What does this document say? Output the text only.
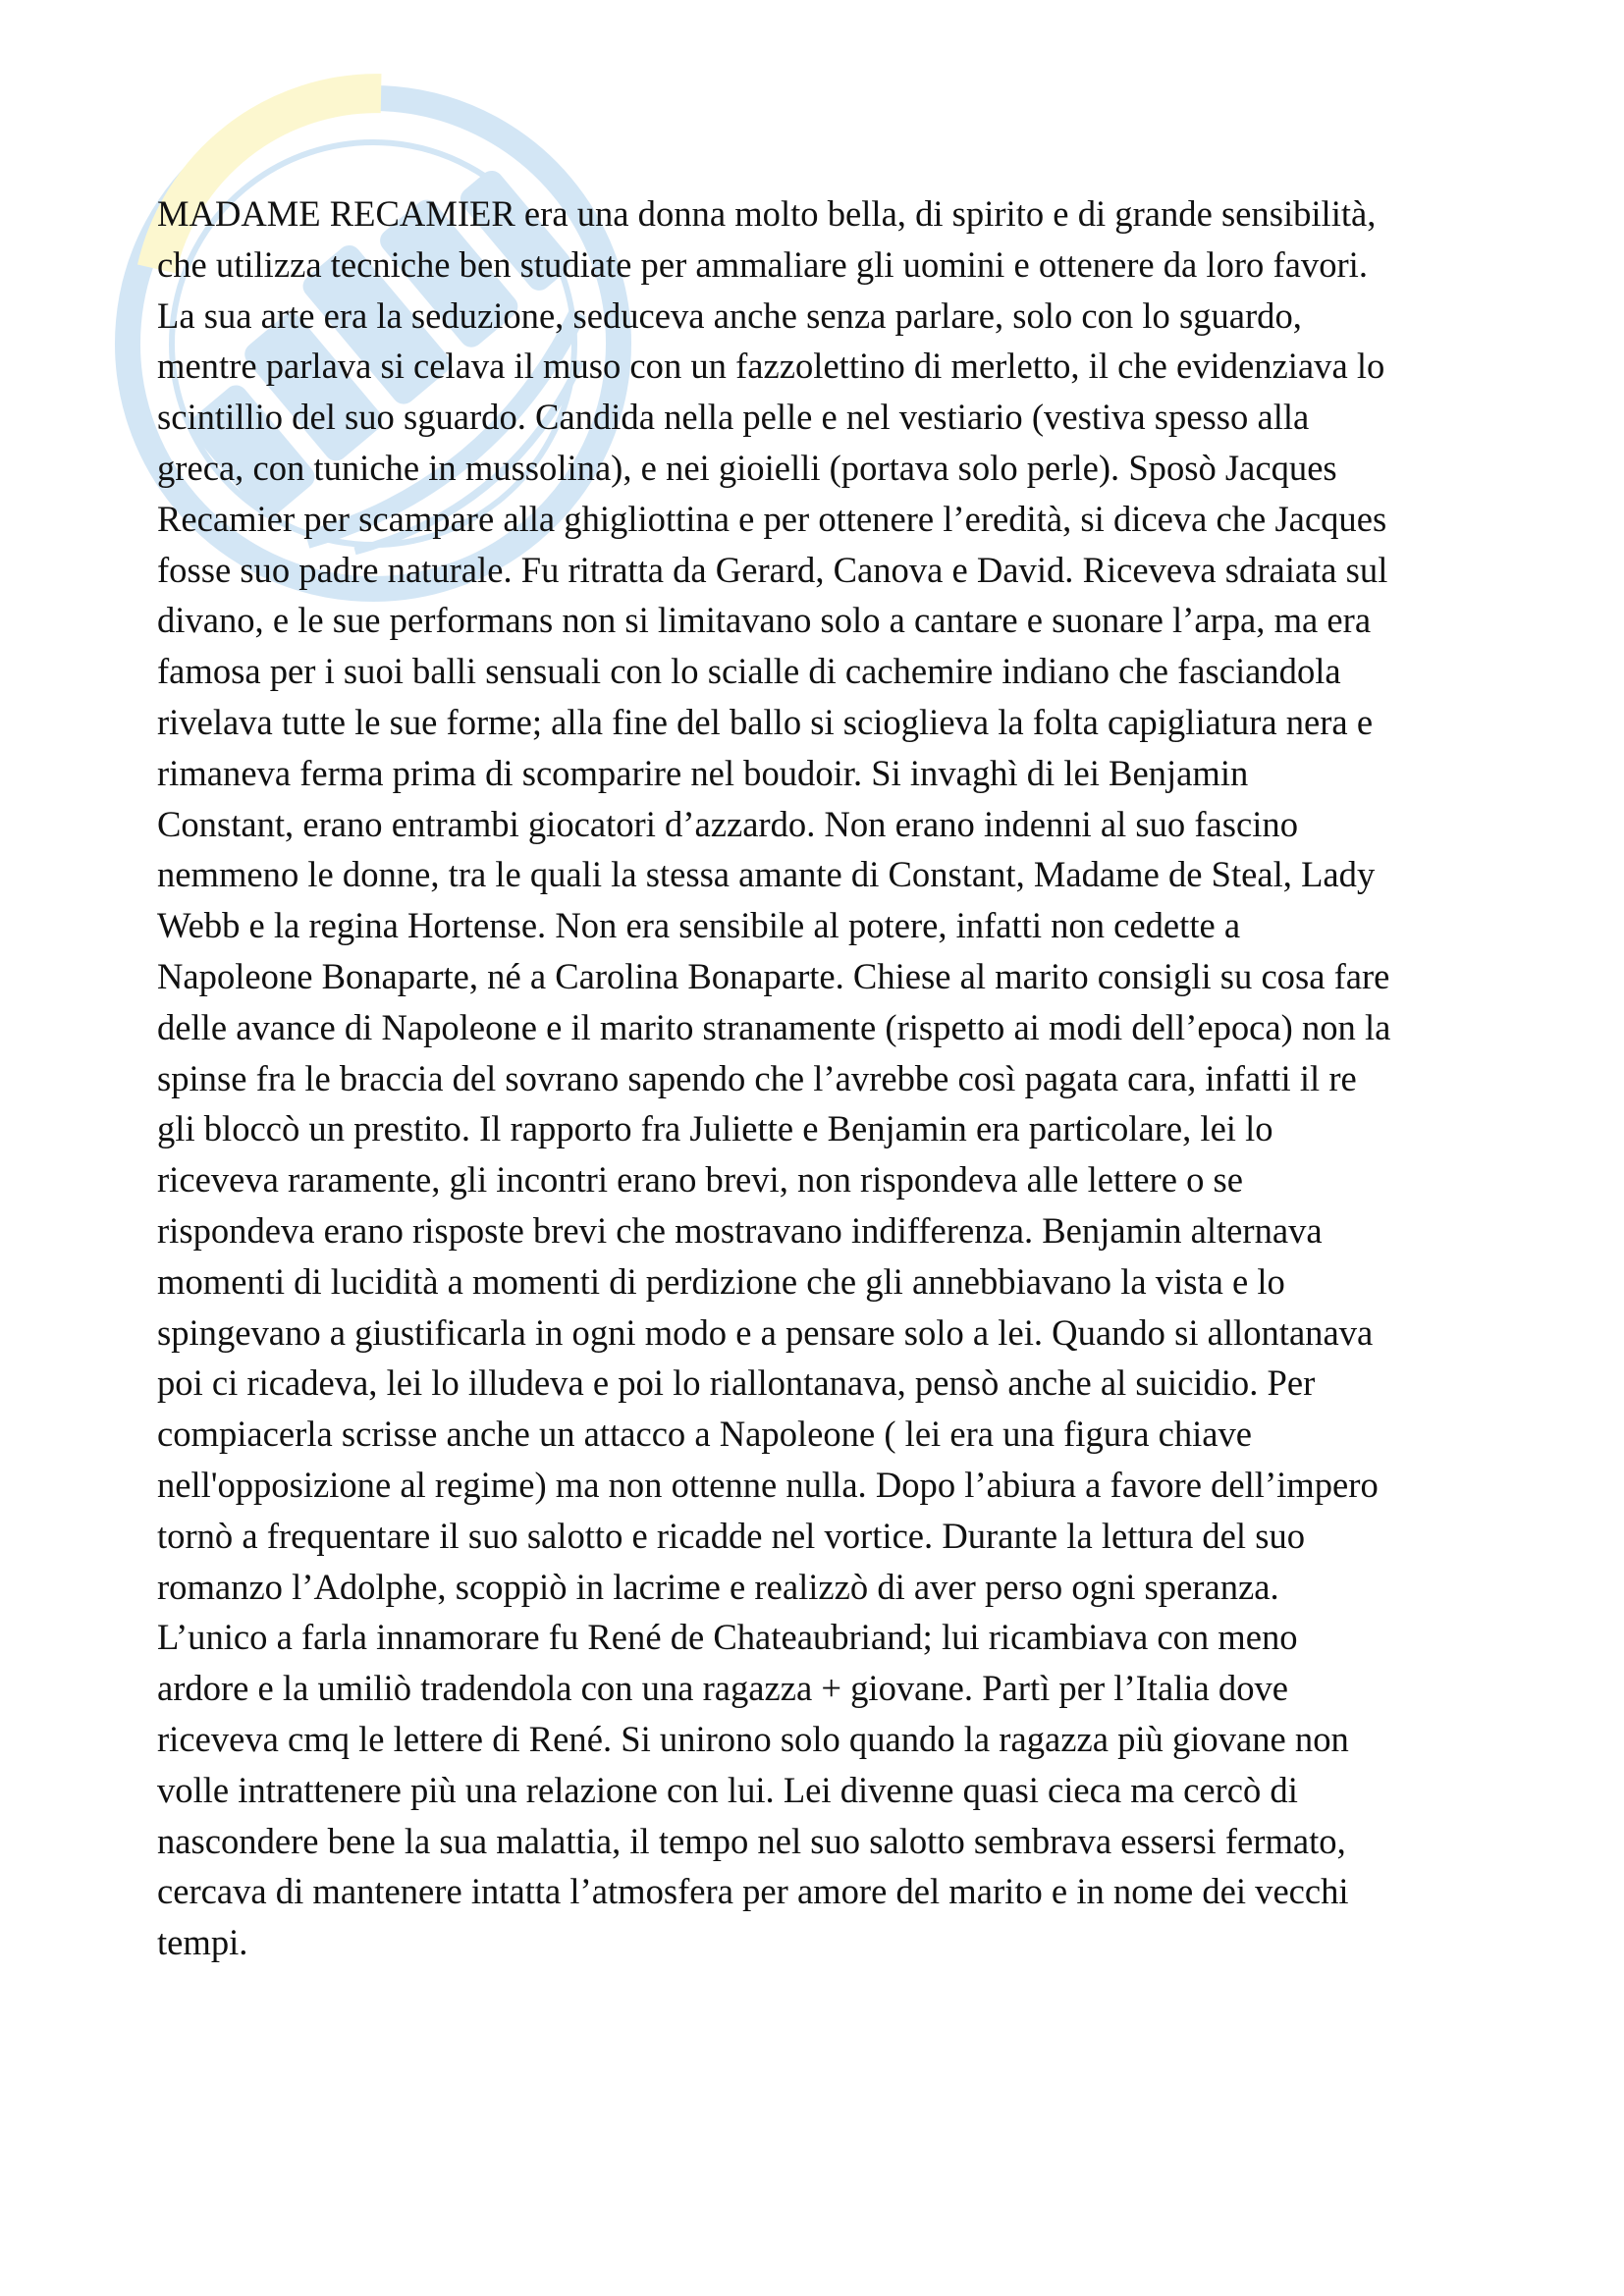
MADAME RECAMIER era una donna molto bella, di spirito e di grande sensibilità,
che utilizza tecniche ben studiate per ammaliare gli uomini e ottenere da loro favori.
La sua arte era la seduzione, seduceva anche senza parlare, solo con lo sguardo,
mentre parlava si celava il muso con un fazzolettino di merletto, il che evidenziava lo
scintillio del suo sguardo. Candida nella pelle e nel vestiario (vestiva spesso alla
greca, con tuniche in mussolina), e nei gioielli (portava solo perle). Sposò Jacques
Recamier per scampare alla ghigliottina e per ottenere l’eredità, si diceva che Jacques
fosse suo padre naturale. Fu ritratta da Gerard, Canova e David. Riceveva sdraiata sul
divano, e le sue performans non si limitavano solo a cantare e suonare l’arpa, ma era
famosa per i suoi balli sensuali con lo scialle di cachemire indiano che fasciandola
rivelava tutte le sue forme; alla fine del ballo si scioglieva la folta capigliatura nera e
rimaneva ferma prima di scomparire nel boudoir. Si invaghì di lei Benjamin
Constant, erano entrambi giocatori d’azzardo. Non erano indenni al suo fascino
nemmeno le donne, tra le quali la stessa amante di Constant, Madame de Steal, Lady
Webb e la regina Hortense. Non era sensibile al potere, infatti non cedette a
Napoleone Bonaparte, né a Carolina Bonaparte. Chiese al marito consigli su cosa fare
delle avance di Napoleone e il marito stranamente (rispetto ai modi dell’epoca) non la
spinse fra le braccia del sovrano sapendo che l’avrebbe così pagata cara, infatti il re
gli bloccò un prestito. Il rapporto fra Juliette e Benjamin era particolare, lei lo
riceveva raramente, gli incontri erano brevi, non rispondeva alle lettere o se
rispondeva erano risposte brevi che mostravano indifferenza. Benjamin alternava
momenti di lucidità a momenti di perdizione che gli annebbiavano la vista e lo
spingevano a giustificarla in ogni modo e a pensare solo a lei. Quando si allontanava
poi ci ricadeva, lei lo illudeva e poi lo riallontanava, pensò anche al suicidio. Per
compiacerla scrisse anche un attacco a Napoleone ( lei era una figura chiave
nell'opposizione al regime) ma non ottenne nulla. Dopo l’abiura a favore dell’impero
tornò a frequentare il suo salotto e ricadde nel vortice. Durante la lettura del suo
romanzo l’Adolphe, scoppiò in lacrime e realizzò di aver perso ogni speranza.
L’unico a farla innamorare fu René de Chateaubriand; lui ricambiava con meno
ardore e la umiliò tradendola con una ragazza + giovane. Partì per l’Italia dove
riceveva cmq le lettere di René. Si unirono solo quando la ragazza più giovane non
volle intrattenere più una relazione con lui. Lei divenne quasi cieca ma cercò di
nascondere bene la sua malattia, il tempo nel suo salotto sembrava essersi fermato,
cercava di mantenere intatta l’atmosfera per amore del marito e in nome dei vecchi
tempi.
